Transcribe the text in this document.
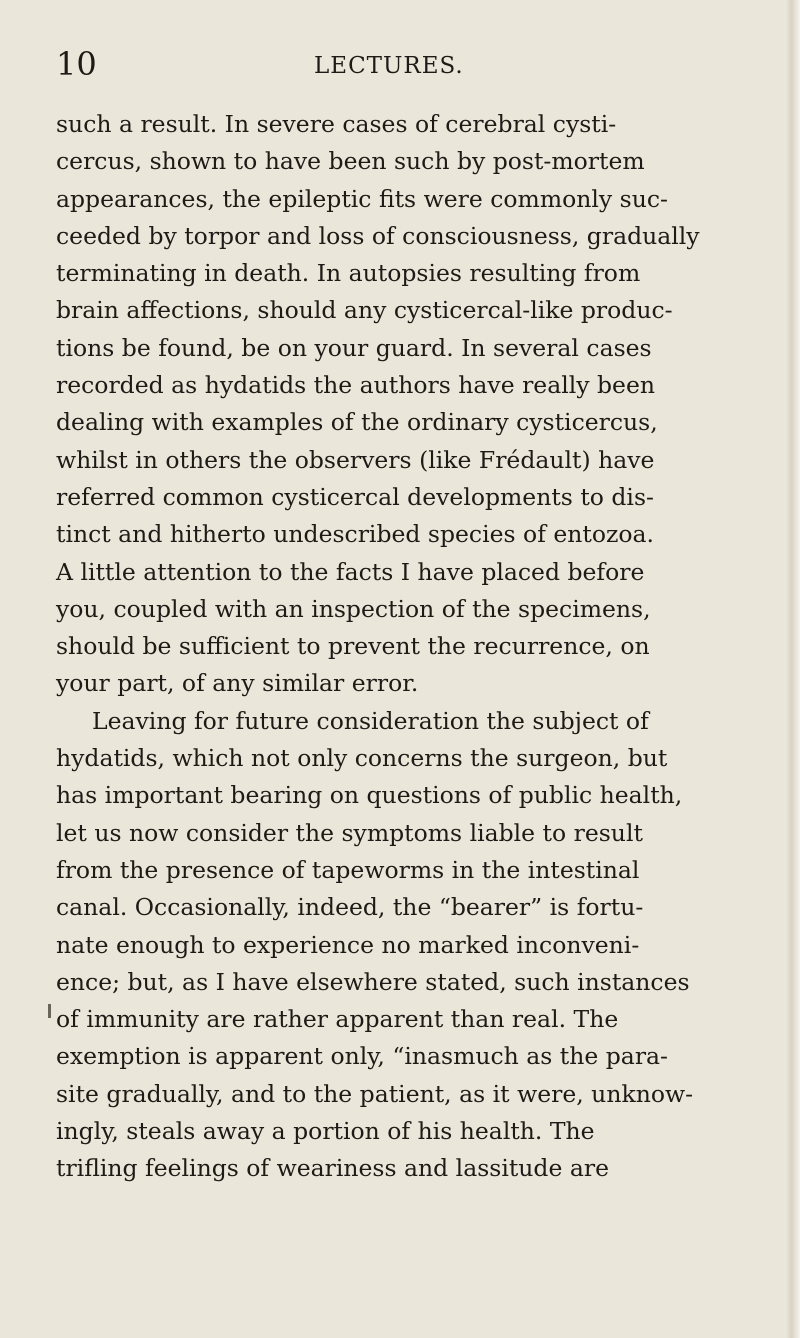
10	LECTURES.
such a result. In severe cases of cerebral cysti-
cercus, shown to have been such by post-mortem
appearances, the epileptic fits were commonly suc-
ceeded by torpor and loss of consciousness, gradually
terminating in death. In autopsies resulting from
brain affections, should any cysticercal-like produc-
tions be found, be on your guard. In several cases
recorded as hydatids the authors have really been
dealing with examples of the ordinary cysticercus,
whilst in others the observers (like Frédault) have
referred common cysticercal developments to dis-
tinct and hitherto undescribed species of entozoa.
A little attention to the facts I have placed before
you, coupled with an inspection of the specimens,
should be sufficient to prevent the recurrence, on
your part, of any similar error.
Leaving for future consideration the subject of
hydatids, which not only concerns the surgeon, but
has important bearing on questions of public health,
let us now consider the symptoms liable to result
from the presence of tapeworms in the intestinal
canal. Occasionally, indeed, the “bearer” is fortu-
nate enough to experience no marked inconveni-
ence; but, as I have elsewhere stated, such instances
of immunity are rather apparent than real. The
exemption is apparent only, “inasmuch as the para-
site gradually, and to the patient, as it were, unknow-
ingly, steals away a portion of his health. The
trifling feelings of weariness and lassitude are
